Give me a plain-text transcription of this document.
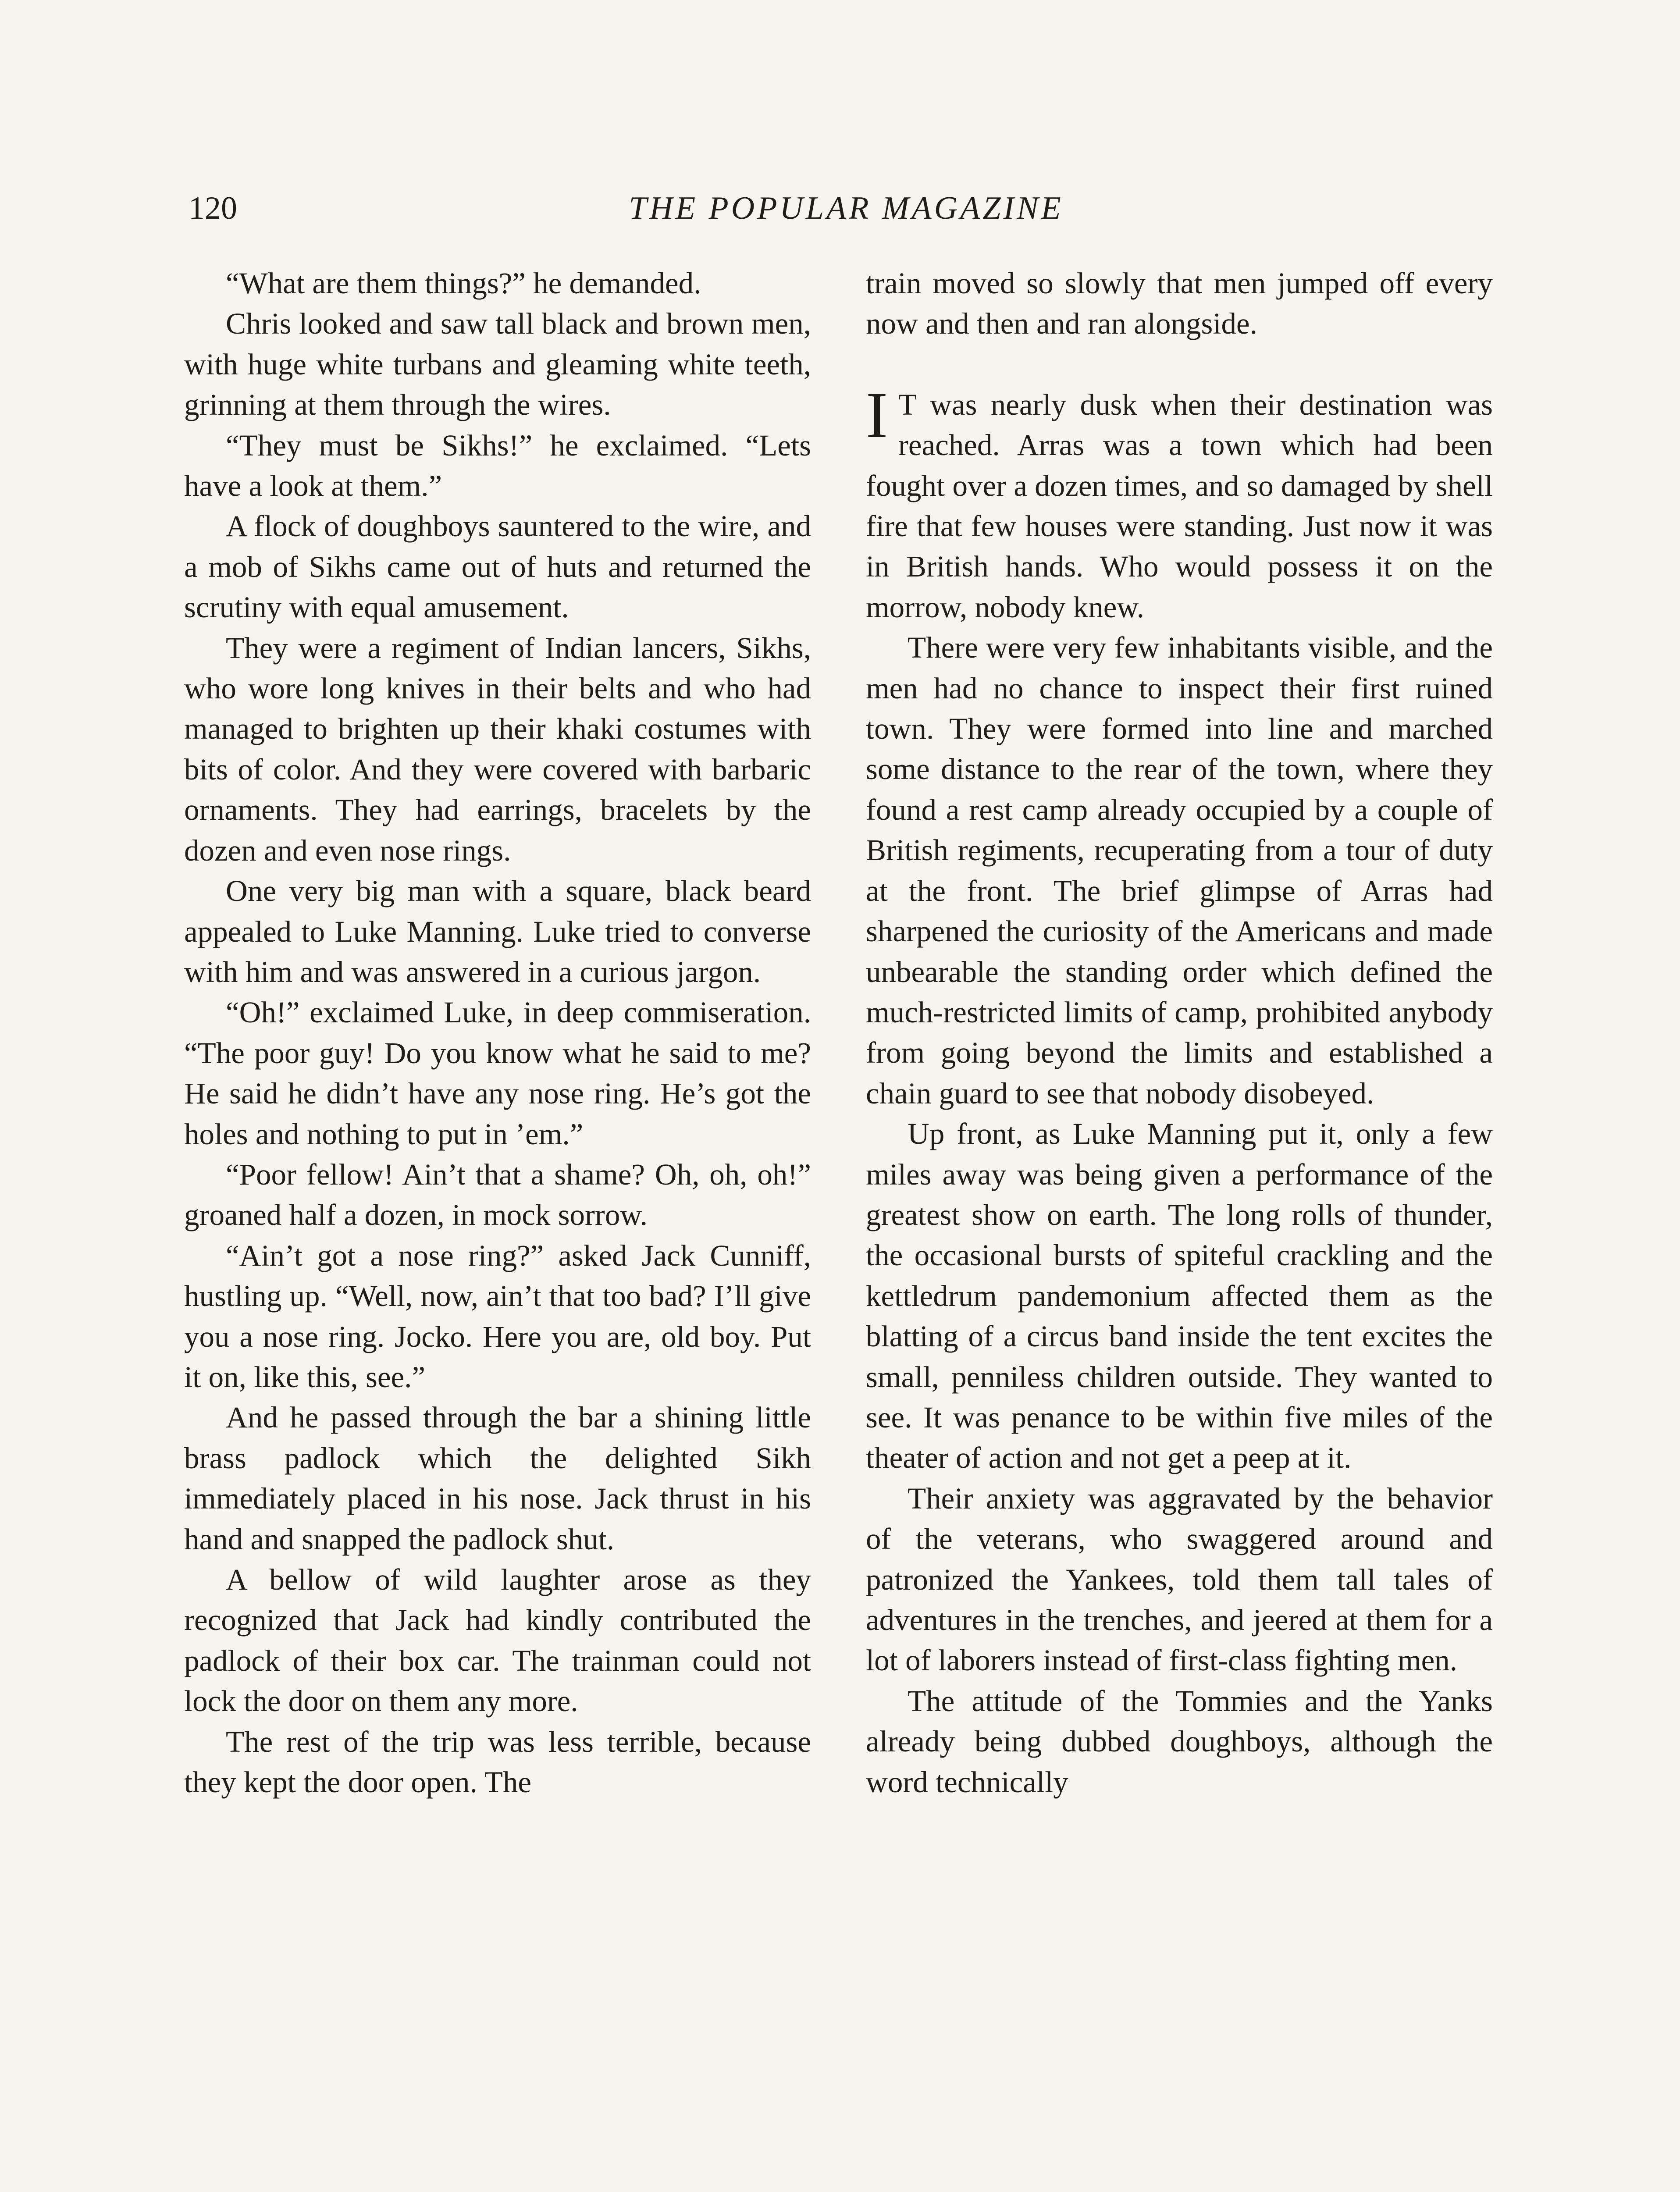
120	THE POPULAR MAGAZINE

“What are them things?” he demanded.

Chris looked and saw tall black and brown men, with huge white turbans and gleaming white teeth, grinning at them through the wires.

“They must be Sikhs!” he exclaimed. “Lets have a look at them.”

A flock of doughboys sauntered to the wire, and a mob of Sikhs came out of huts and returned the scrutiny with equal amusement.

They were a regiment of Indian lancers, Sikhs, who wore long knives in their belts and who had managed to brighten up their khaki costumes with bits of color. And they were covered with barbaric ornaments. They had earrings, bracelets by the dozen and even nose rings.

One very big man with a square, black beard appealed to Luke Manning. Luke tried to converse with him and was answered in a curious jargon.

“Oh!” exclaimed Luke, in deep commiseration. “The poor guy! Do you know what he said to me? He said he didn’t have any nose ring. He’s got the holes and nothing to put in ’em.”

“Poor fellow! Ain’t that a shame? Oh, oh, oh!” groaned half a dozen, in mock sorrow.

“Ain’t got a nose ring?” asked Jack Cunniff, hustling up. “Well, now, ain’t that too bad? I’ll give you a nose ring. Jocko. Here you are, old boy. Put it on, like this, see.”

And he passed through the bar a shining little brass padlock which the delighted Sikh immediately placed in his nose. Jack thrust in his hand and snapped the padlock shut.

A bellow of wild laughter arose as they recognized that Jack had kindly contributed the padlock of their box car. The trainman could not lock the door on them any more.

The rest of the trip was less terrible, because they kept the door open. The

train moved so slowly that men jumped off every now and then and ran alongside.

I T was nearly dusk when their destination was reached. Arras was a town which had been fought over a dozen times, and so damaged by shell fire that few houses were standing. Just now it was in British hands. Who would possess it on the morrow, nobody knew.

There were very few inhabitants visible, and the men had no chance to inspect their first ruined town. They were formed into line and marched some distance to the rear of the town, where they found a rest camp already occupied by a couple of British regiments, recuperating from a tour of duty at the front. The brief glimpse of Arras had sharpened the curiosity of the Americans and made unbearable the standing order which defined the much-restricted limits of camp, prohibited anybody from going beyond the limits and established a chain guard to see that nobody disobeyed.

Up front, as Luke Manning put it, only a few miles away was being given a performance of the greatest show on earth. The long rolls of thunder, the occasional bursts of spiteful crackling and the kettledrum pandemonium affected them as the blatting of a circus band inside the tent excites the small, penniless children outside. They wanted to see. It was penance to be within five miles of the theater of action and not get a peep at it.

Their anxiety was aggravated by the behavior of the veterans, who swaggered around and patronized the Yankees, told them tall tales of adventures in the trenches, and jeered at them for a lot of laborers instead of first-class fighting men.

The attitude of the Tommies and the Yanks already being dubbed doughboys, although the word technically
